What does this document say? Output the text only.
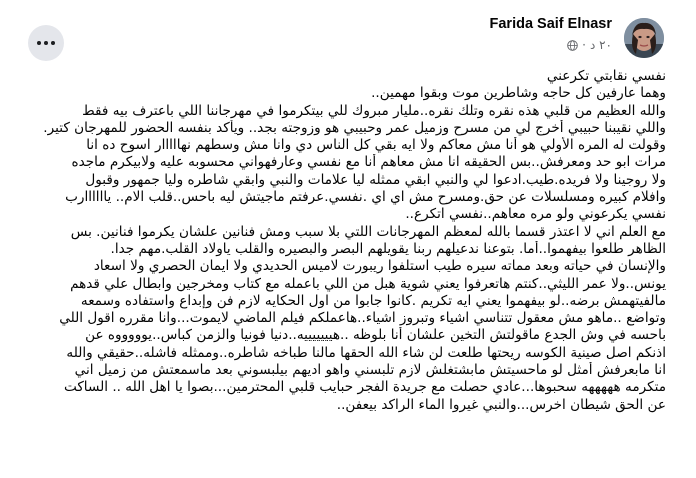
Farida Saif Elnasr
٢٠ د
·
نفسي نقابتي تكرعني
وهما عارفين كل حاجه وشاطرين موت وبقوا مهمين..
والله العظيم من قلبي هذه نقره وتلك نقره..مليار مبروك للي بيتكرموا في مهرجاننا اللي باعترف بيه فقط
واللي نقيبنا حبيبي أخرج لي من مسرح وزميل عمر وحبيبي هو وزوجته بجد.. ويأكد بنفسه الحضور للمهرجان كتير.
وقولت له المره الأولي هو أنا مش معاكم ولا ايه بقي كل الناس دي وانا مش وسطهم نهااااار اسوح ده انا
مرات ابو حد ومعرفش..بس الحقيقه انا مش معاهم أنا مع نفسي وعارفهواني محسوبه عليه ولابيكرم ماجده
ولا روجينا ولا فريده.طيب.ادعوا لي والنبي ابقي ممثله ليا علامات والنبي وابقي شاطره وليا جمهور وقبول
وافلام كبيره ومسلسلات عن حق.ومسرح مش اي اي .نفسي.عرفتم ماجيتش ليه باحس..قلب الام.. ياااااارب
نفسي يكرعوني ولو مره معاهم..نفسي اتكرع..
مع العلم اني لا اعتذر قسما بالله لمعظم المهرجانات اللتي بلا سبب ومش فنانين علشان يكرموا فنانين. بس
الظاهر طلعوا بيفهموا..أما. بتوعنا ندعيلهم ربنا يقويلهم البصر والبصيره والقلب ياولاد القلب.مهم جدا.
والإنسان في حياته وبعد مماته سيره طيب استلفوا ريبورت لاميس الحديدي ولا ايمان الحصري ولا اسعاد
يونس..ولا عمر الليثي..كنتم هاتعرفوا يعني شوية هبل من اللي باعمله مع كتاب ومخرجين وابطال علي قدهم
مالفيتهمش برضه..لو بيفهموا يعني ايه تكريم .كانوا جابوا من اول الحكايه لازم فن وإبداع واستفاده وسمعه
وتواضع ..ماهو مش معقول تتناسي اشياء وتبروز اشياء..هاعملكم فيلم الماضي لايموت...وانا مقرره اقول اللي
باحسه في وش الجدع ماقولتش التخين علشان أنا بلوظه ..هيييييييه..دنيا فونيا والزمن كباس..يوووووه عن
اذنكم اصل صينية الكوسه ريحتها طلعت لن شاء الله الحقها مالنا طباخه شاطره..وممثله فاشله..حقيقي والله
انا مابعرفش أمثل لو ماحسيتش مابشتغلش لازم تلبسني واهو اديهم بيلبسوني بعد ماسمعتش من زميل اني
متكرمه هههههه سحبوها...عادي حصلت مع جريدة الفجر حبايب قلبي المحترمين...بصوا يا اهل الله .. الساكت
عن الحق شيطان اخرس...والنبي غيروا الماء الراكد بيعفن..
